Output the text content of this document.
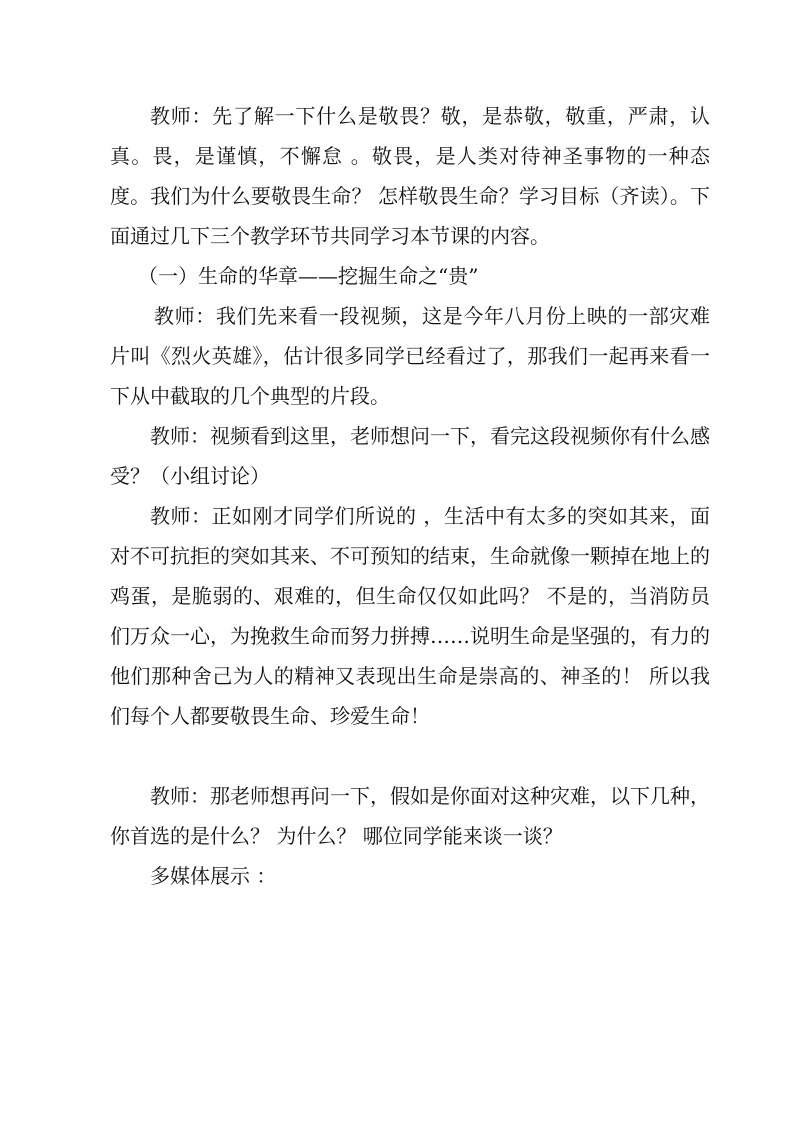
教师：先了解一下什么是敬畏？敬，是恭敬，敬重，严肃，认真。畏，是谨慎，不懈怠 。敬畏，是人类对待神圣事物的一种态度。我们为什么要敬畏生命？ 怎样敬畏生命？学习目标（齐读）。下面通过几下三个教学环节共同学习本节课的内容。

（一）生命的华章——挖掘生命之“贵”

教师：我们先来看一段视频，这是今年八月份上映的一部灾难片叫《烈火英雄》，估计很多同学已经看过了，那我们一起再来看一下从中截取的几个典型的片段。

教师：视频看到这里，老师想问一下，看完这段视频你有什么感受？（小组讨论）

教师：正如刚才同学们所说的 ，生活中有太多的突如其来，面对不可抗拒的突如其来、不可预知的结束，生命就像一颗掉在地上的鸡蛋，是脆弱的、艰难的，但生命仅仅如此吗？ 不是的，当消防员们万众一心，为挽救生命而努力拼搏……说明生命是坚强的，有力的他们那种舍己为人的精神又表现出生命是崇高的、神圣的！ 所以我们每个人都要敬畏生命、珍爱生命！

教师：那老师想再问一下，假如是你面对这种灾难，以下几种，你首选的是什么？ 为什么？ 哪位同学能来谈一谈？

多媒体展示 ：
